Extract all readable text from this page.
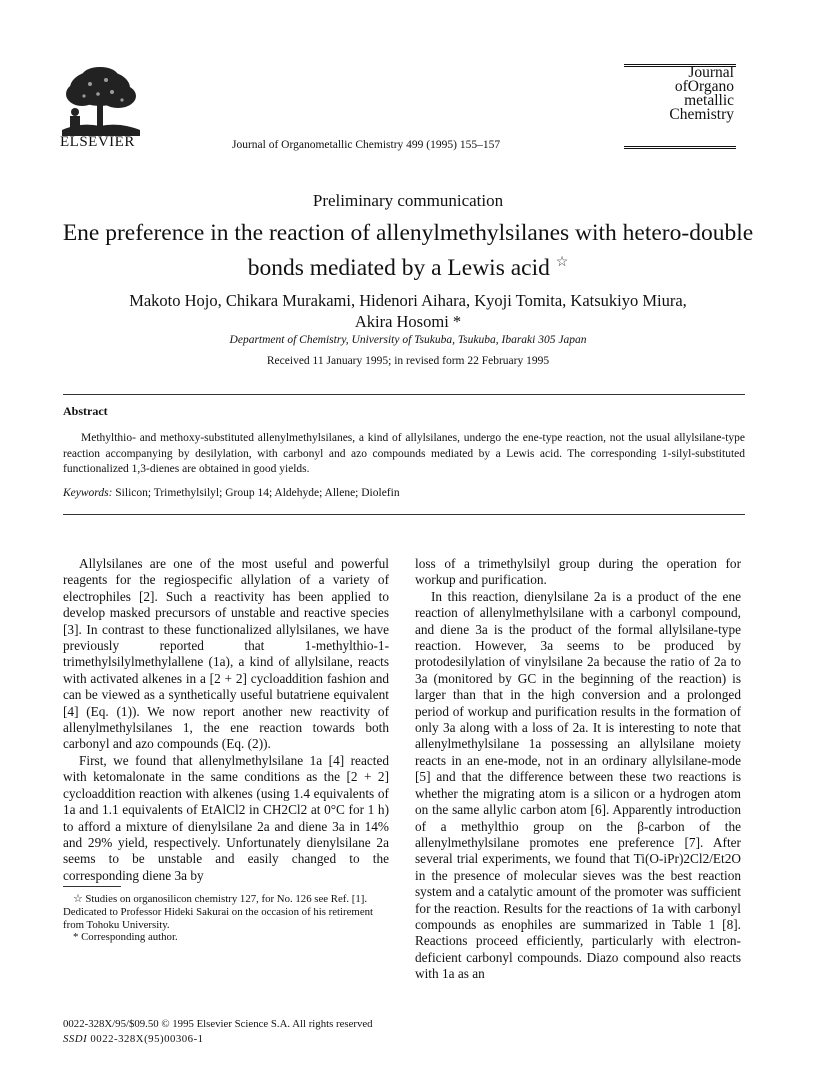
ELSEVIER	Journal of Organometallic Chemistry 499 (1995) 155–157
Journal
ofOrgano
metallic
Chemistry
Preliminary communication
Ene preference in the reaction of allenylmethylsilanes with hetero-double bonds mediated by a Lewis acid ☆
Makoto Hojo, Chikara Murakami, Hidenori Aihara, Kyoji Tomita, Katsukiyo Miura,
Akira Hosomi *
Department of Chemistry, University of Tsukuba, Tsukuba, Ibaraki 305 Japan
Received 11 January 1995; in revised form 22 February 1995
Abstract
Methylthio- and methoxy-substituted allenylmethylsilanes, a kind of allylsilanes, undergo the ene-type reaction, not the usual allylsilane-type reaction accompanying by desilylation, with carbonyl and azo compounds mediated by a Lewis acid. The corresponding 1-silyl-substituted functionalized 1,3-dienes are obtained in good yields.
Keywords: Silicon; Trimethylsilyl; Group 14; Aldehyde; Allene; Diolefin

Allylsilanes are one of the most useful and powerful reagents for the regiospecific allylation of a variety of electrophiles [2]. Such a reactivity has been applied to develop masked precursors of unstable and reactive species [3]. In contrast to these functionalized allylsilanes, we have previously reported that 1-methylthio-1-trimethylsilylmethylallene (1a), a kind of allylsilane, reacts with activated alkenes in a [2 + 2] cycloaddition fashion and can be viewed as a synthetically useful butatriene equivalent [4] (Eq. (1)). We now report another new reactivity of allenylmethylsilanes 1, the ene reaction towards both carbonyl and azo compounds (Eq. (2)).

First, we found that allenylmethylsilane 1a [4] reacted with ketomalonate in the same conditions as the [2 + 2] cycloaddition reaction with alkenes (using 1.4 equivalents of 1a and 1.1 equivalents of EtAlCl2 in CH2Cl2 at 0°C for 1 h) to afford a mixture of dienylsilane 2a and diene 3a in 14% and 29% yield, respectively. Unfortunately dienylsilane 2a seems to be unstable and easily changed to the corresponding diene 3a by

loss of a trimethylsilyl group during the operation for workup and purification.

In this reaction, dienylsilane 2a is a product of the ene reaction of allenylmethylsilane with a carbonyl compound, and diene 3a is the product of the formal allylsilane-type reaction. However, 3a seems to be produced by protodesilylation of vinylsilane 2a because the ratio of 2a to 3a (monitored by GC in the beginning of the reaction) is larger than that in the high conversion and a prolonged period of workup and purification results in the formation of only 3a along with a loss of 2a. It is interesting to note that allenylmethylsilane 1a possessing an allylsilane moiety reacts in an ene-mode, not in an ordinary allylsilane-mode [5] and that the difference between these two reactions is whether the migrating atom is a silicon or a hydrogen atom on the same allylic carbon atom [6]. Apparently introduction of a methylthio group on the β-carbon of the allenylmethylsilane promotes ene preference [7]. After several trial experiments, we found that Ti(O-iPr)2Cl2/Et2O in the presence of molecular sieves was the best reaction system and a catalytic amount of the promoter was sufficient for the reaction. Results for the reactions of 1a with carbonyl compounds as enophiles are summarized in Table 1 [8]. Reactions proceed efficiently, particularly with electron-deficient carbonyl compounds. Diazo compound also reacts with 1a as an

☆ Studies on organosilicon chemistry 127, for No. 126 see Ref. [1]. Dedicated to Professor Hideki Sakurai on the occasion of his retirement from Tohoku University.
* Corresponding author.
0022-328X/95/$09.50 © 1995 Elsevier Science S.A. All rights reserved
SSDI 0022-328X(95)00306-1
